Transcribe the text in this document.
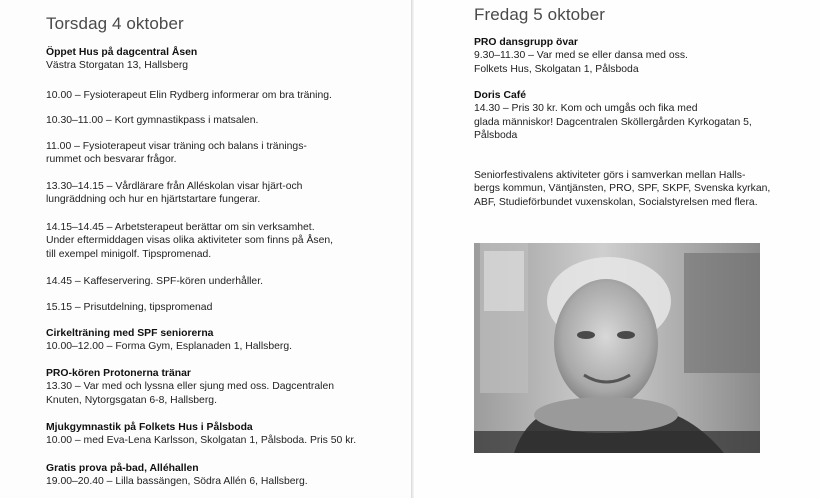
Torsdag 4 oktober
Öppet Hus på dagcentral Åsen
Västra Storgatan 13, Hallsberg
10.00 – Fysioterapeut Elin Rydberg informerar om bra träning.
10.30–11.00 – Kort gymnastikpass i matsalen.
11.00 – Fysioterapeut visar träning och balans i tränings-
rummet och besvarar frågor.
13.30–14.15 – Vårdlärare från Alléskolan visar hjärt-och
lungräddning och hur en hjärtstartare fungerar.
14.15–14.45 – Arbetsterapeut berättar om sin verksamhet.
Under eftermiddagen visas olika aktiviteter som finns på Åsen,
till exempel minigolf. Tipspromenad.
14.45 – Kaffeservering. SPF-kören underhåller.
15.15 – Prisutdelning, tipspromenad
Cirkelträning med SPF seniorerna
10.00–12.00 – Forma Gym, Esplanaden 1, Hallsberg.
PRO-kören Protonerna tränar
13.30 – Var med och lyssna eller sjung med oss. Dagcentralen
Knuten, Nytorgsgatan 6-8, Hallsberg.
Mjukgymnastik på Folkets Hus i Pålsboda
10.00 – med Eva-Lena Karlsson, Skolgatan 1, Pålsboda. Pris 50 kr.
Gratis prova på-bad, Alléhallen
19.00–20.40 – Lilla bassängen, Södra Allén 6, Hallsberg.
Fredag 5 oktober
PRO dansgrupp övar
9.30–11.30 – Var med se eller dansa med oss.
Folkets Hus, Skolgatan 1, Pålsboda
Doris Café
14.30 – Pris 30 kr. Kom och umgås och fika med
glada människor! Dagcentralen Sköllergården Kyrkogatan 5,
Pålsboda
Seniorfestivalens aktiviteter görs i samverkan mellan Halls-
bergs kommun, Väntjänsten, PRO, SPF, SKPF, Svenska kyrkan,
ABF, Studieförbundet vuxenskolan, Socialstyrelsen med flera.
